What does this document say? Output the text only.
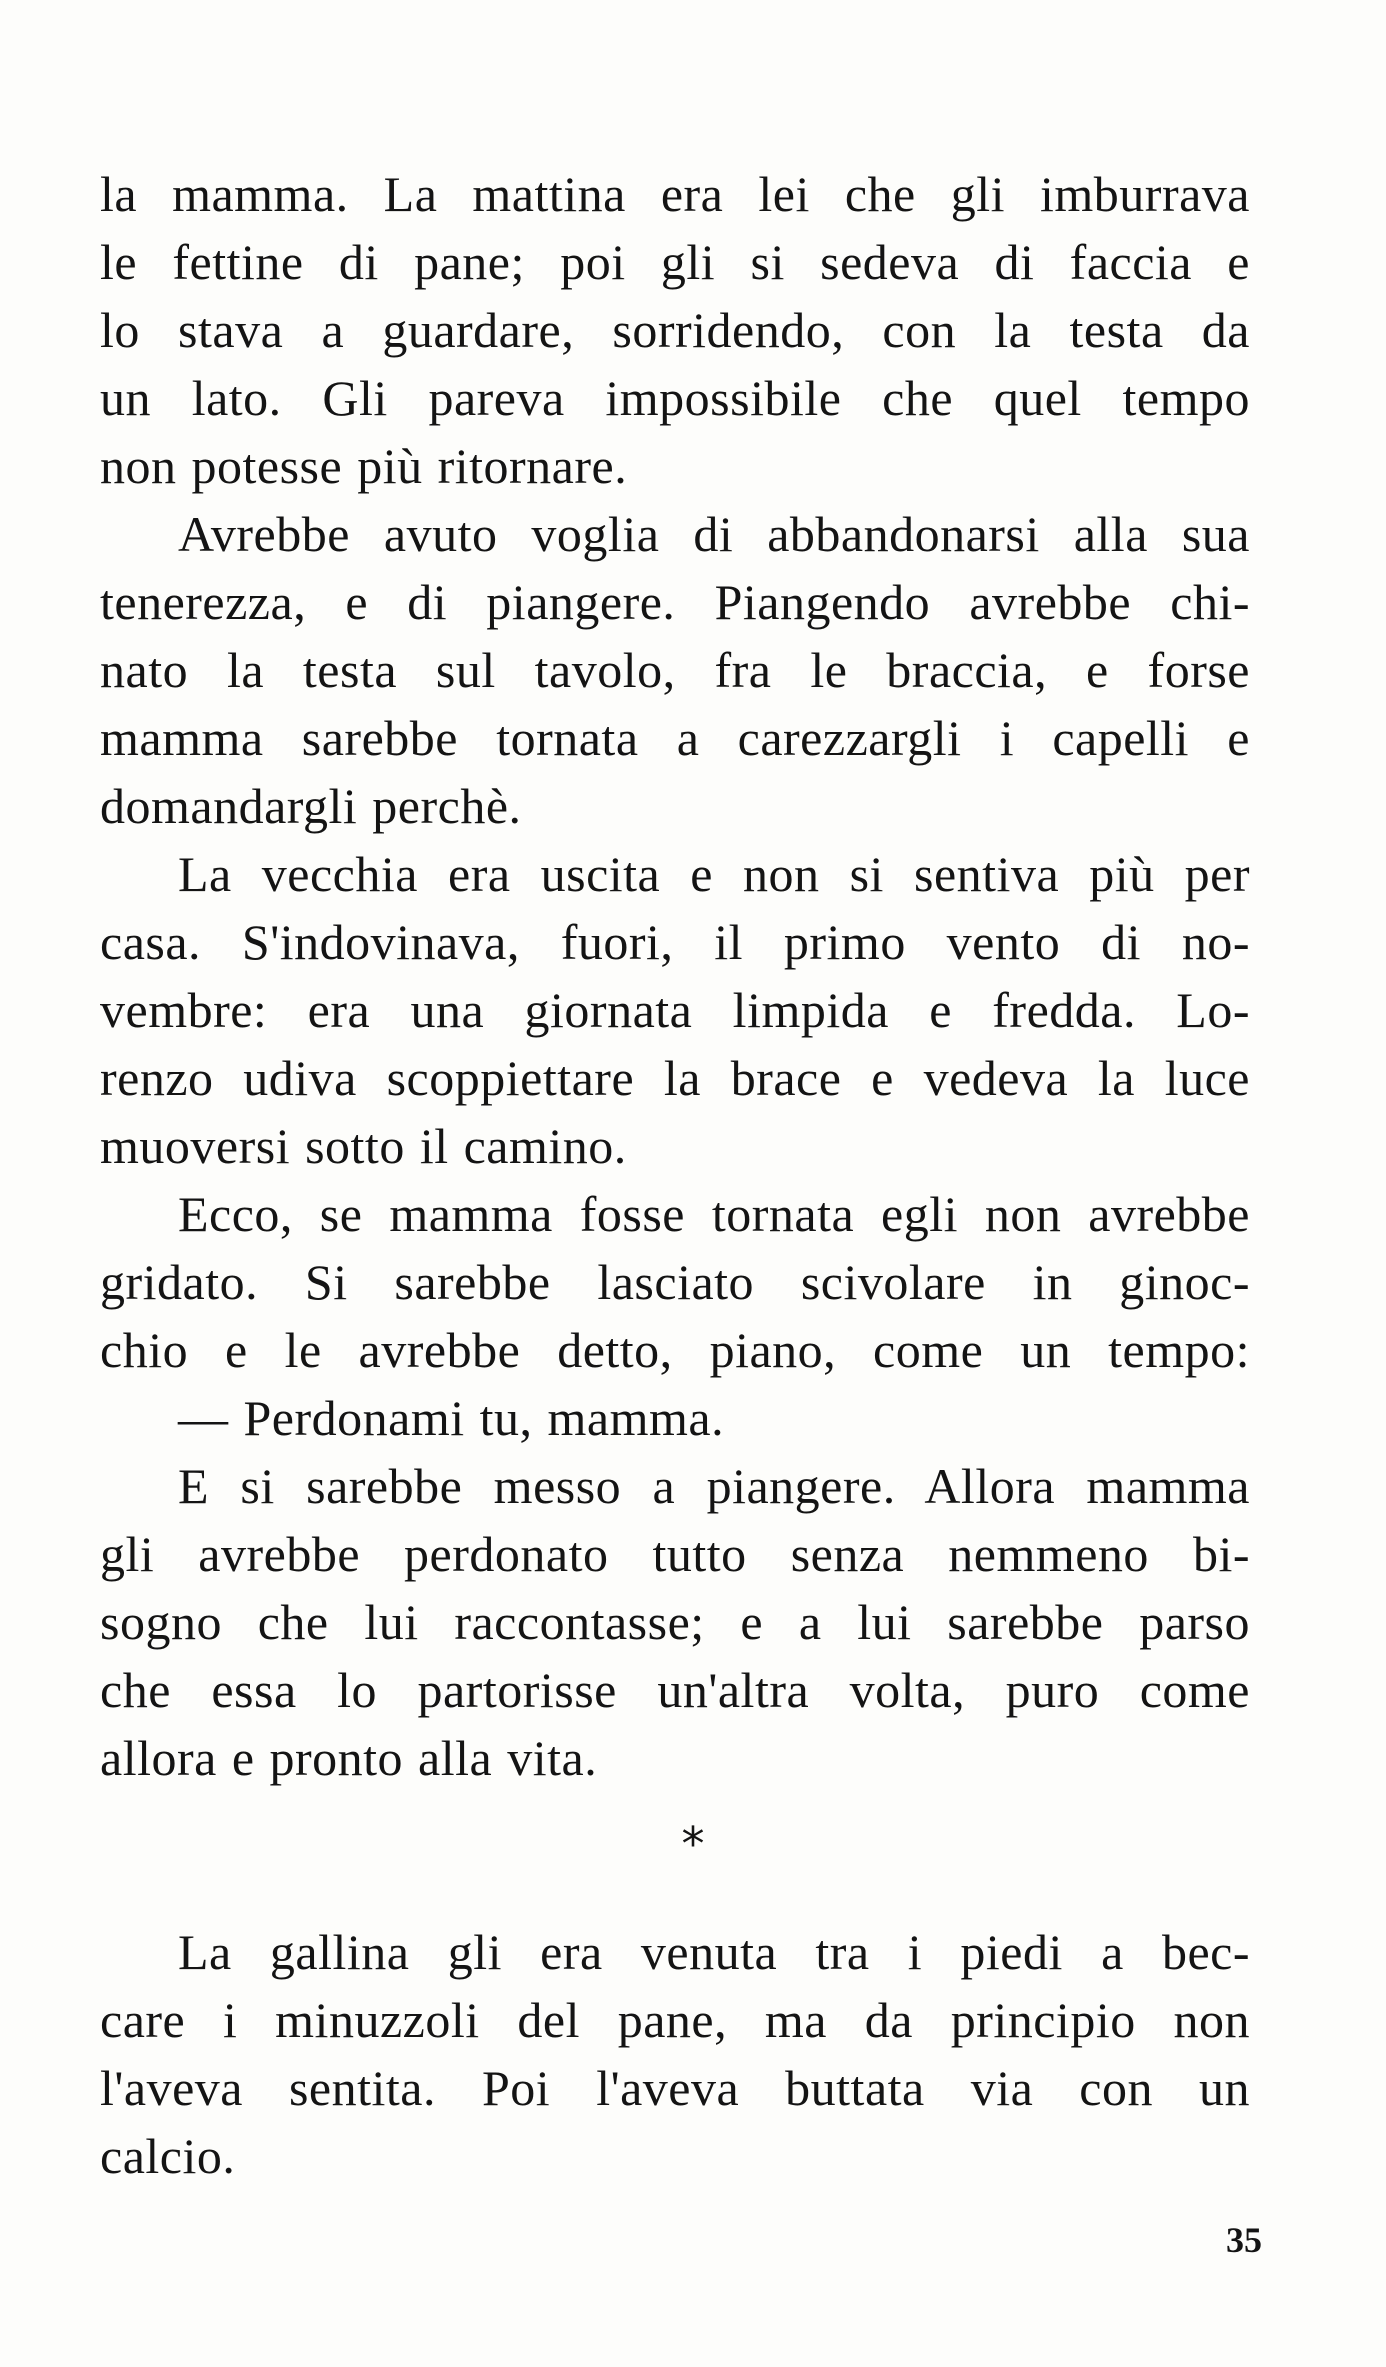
la mamma. La mattina era lei che gli imburrava
le fettine di pane; poi gli si sedeva di faccia e
lo stava a guardare, sorridendo, con la testa da
un lato. Gli pareva impossibile che quel tempo
non potesse più ritornare.
Avrebbe avuto voglia di abbandonarsi alla sua
tenerezza, e di piangere. Piangendo avrebbe chi-
nato la testa sul tavolo, fra le braccia, e forse
mamma sarebbe tornata a carezzargli i capelli e
domandargli perchè.
La vecchia era uscita e non si sentiva più per
casa. S'indovinava, fuori, il primo vento di no-
vembre: era una giornata limpida e fredda. Lo-
renzo udiva scoppiettare la brace e vedeva la luce
muoversi sotto il camino.
Ecco, se mamma fosse tornata egli non avrebbe
gridato. Si sarebbe lasciato scivolare in ginoc-
chio e le avrebbe detto, piano, come un tempo:
— Perdonami tu, mamma.
E si sarebbe messo a piangere. Allora mamma
gli avrebbe perdonato tutto senza nemmeno bi-
sogno che lui raccontasse; e a lui sarebbe parso
che essa lo partorisse un'altra volta, puro come
allora e pronto alla vita.
*
La gallina gli era venuta tra i piedi a bec-
care i minuzzoli del pane, ma da principio non
l'aveva sentita. Poi l'aveva buttata via con un
calcio.
35
